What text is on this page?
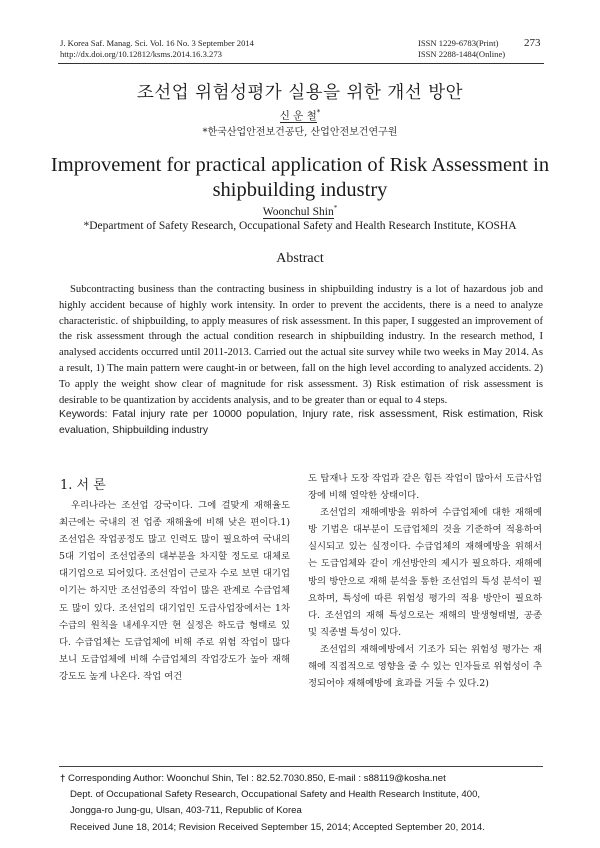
J. Korea Saf. Manag. Sci. Vol. 16 No. 3 September 2014
http://dx.doi.org/10.12812/ksms.2014.16.3.273
ISSN 1229-6783(Print)
ISSN 2288-1484(Online)
273
조선업 위험성평가 실용을 위한 개선 방안
신 운 철*
*한국산업안전보건공단, 산업안전보건연구원
Improvement for practical application of Risk Assessment in
shipbuilding industry
Woonchul Shin*
*Department of Safety Research, Occupational Safety and Health Research Institute, KOSHA
Abstract
Subcontracting business than the contracting business in shipbuilding industry is a lot of hazardous job and highly accident because of highly work intensity. In order to prevent the accidents, there is a need to analyze characteristic. of shipbuilding, to apply measures of risk assessment. In this paper, I suggested an improvement of the risk assessment through the actual condition research in shipbuilding industry. In the research method, I analysed accidents occurred until 2011-2013. Carried out the actual site survey while two weeks in May 2014. As a result, 1) The main pattern were caught-in or between, fall on the high level according to analyzed accidents. 2) To apply the weight show clear of magnitude for risk assessment. 3) Risk estimation of risk assessment is desirable to be quantization by accidents analysis, and to be greater than or equal to 4 steps.
Keywords: Fatal injury rate per 10000 population, Injury rate, risk assessment, Risk estimation, Risk evaluation, Shipbuilding industry
1. 서 론

우리나라는 조선업 강국이다. 그에 걸맞게 재해율도 최근에는 국내의 전 업종 재해율에 비해 낮은 편이다.1) 조선업은 작업공정도 많고 인력도 많이 필요하여 국내의 5대 기업이 조선업종의 대부분을 차지할 정도로 대체로 대기업으로 되어있다. 조선업이 근로자 수로 보면 대기업이기는 하지만 조선업종의 작업이 많은 관계로 수급업체도 많이 있다. 조선업의 대기업인 도급사업장에서는 1차 수급의 원칙을 내세우지만 현 실정은 하도급 형태로 있다. 수급업체는 도급업체에 비해 주로 위험 작업이 많다 보니 도급업체에 비해 수급업체의 작업강도가 높아 재해 강도도 높게 나온다. 작업 여건

도 탑재나 도장 작업과 같은 힘든 작업이 많아서 도급사업장에 비해 열악한 상태이다.

조선업의 재해예방을 위하여 수급업체에 대한 재해예방 기법은 대부분이 도급업체의 것을 기준하여 적용하여 실시되고 있는 실정이다. 수급업체의 재해예방을 위해서는 도급업체와 같이 개선방안의 제시가 필요하다. 재해예방의 방안으로 재해 분석을 통한 조선업의 특성 분석이 필요하며, 특성에 따른 위험성 평가의 적용 방안이 필요하다. 조선업의 재해 특성으로는 재해의 발생형태별, 공종 및 직종별 특성이 있다.

조선업의 재해예방에서 기조가 되는 위험성 평가는 재해에 직접적으로 영향을 줄 수 있는 인자들로 위험성이 추정되어야 재해예방에 효과를 거둘 수 있다.2)

† Corresponding Author: Woonchul Shin, Tel : 82.52.7030.850, E-mail : s88119@kosha.net
Dept. of Occupational Safety Research, Occupational Safety and Health Research Institute, 400,
Jongga-ro Jung-gu, Ulsan, 403-711, Republic of Korea
Received June 18, 2014; Revision Received September 15, 2014; Accepted September 20, 2014.
